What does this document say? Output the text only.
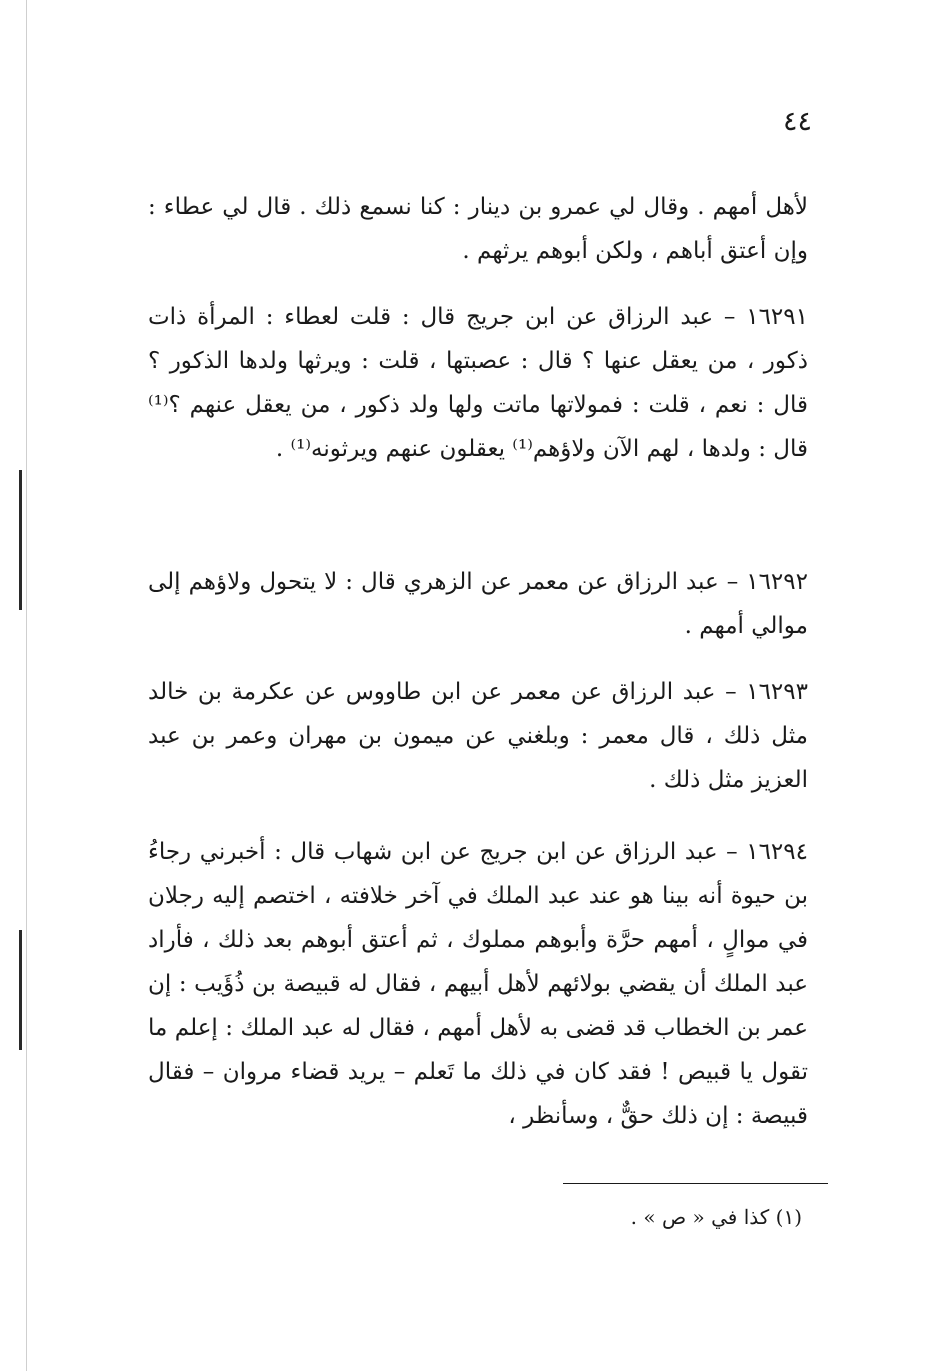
٤٤

لأهل أمهم . وقال لي عمرو بن دينار : كنا نسمع ذلك . قال لي عطاء : وإن أعتق أباهم ، ولكن أبوهم يرثهم .

١٦٢٩١ – عبد الرزاق عن ابن جريج قال : قلت لعطاء : المرأة ذات ذكور ، من يعقل عنها ؟ قال : عصبتها ، قلت : ويرثها ولدها الذكور ؟ قال : نعم ، قلت : فمولاتها ماتت ولها ولد ذكور ، من يعقل عنهم ؟⁽¹⁾ قال : ولدها ، لهم الآن ولاؤهم⁽¹⁾ يعقلون عنهم ويرثونه⁽¹⁾ .

١٦٢٩٢ – عبد الرزاق عن معمر عن الزهري قال : لا يتحول ولاؤهم إلى موالي أمهم .

١٦٢٩٣ – عبد الرزاق عن معمر عن ابن طاووس عن عكرمة بن خالد مثل ذلك ، قال معمر : وبلغني عن ميمون بن مهران وعمر بن عبد العزيز مثل ذلك .

١٦٢٩٤ – عبد الرزاق عن ابن جريج عن ابن شهاب قال : أخبرني رجاءُ بن حيوة أنه بينا هو عند عبد الملك في آخر خلافته ، اختصم إليه رجلان في موالٍ ، أمهم حرَّة وأبوهم مملوك ، ثم أعتق أبوهم بعد ذلك ، فأراد عبد الملك أن يقضي بولائهم لأهل أبيهم ، فقال له قبيصة بن ذُؤَيب : إن عمر بن الخطاب قد قضى به لأهل أمهم ، فقال له عبد الملك : إعلم ما تقول يا قبيص ! فقد كان في ذلك ما تَعلم – يريد قضاء مروان – فقال قبيصة : إن ذلك حقٌّ ، وسأنظر ،

(١) كذا في « ص » .
